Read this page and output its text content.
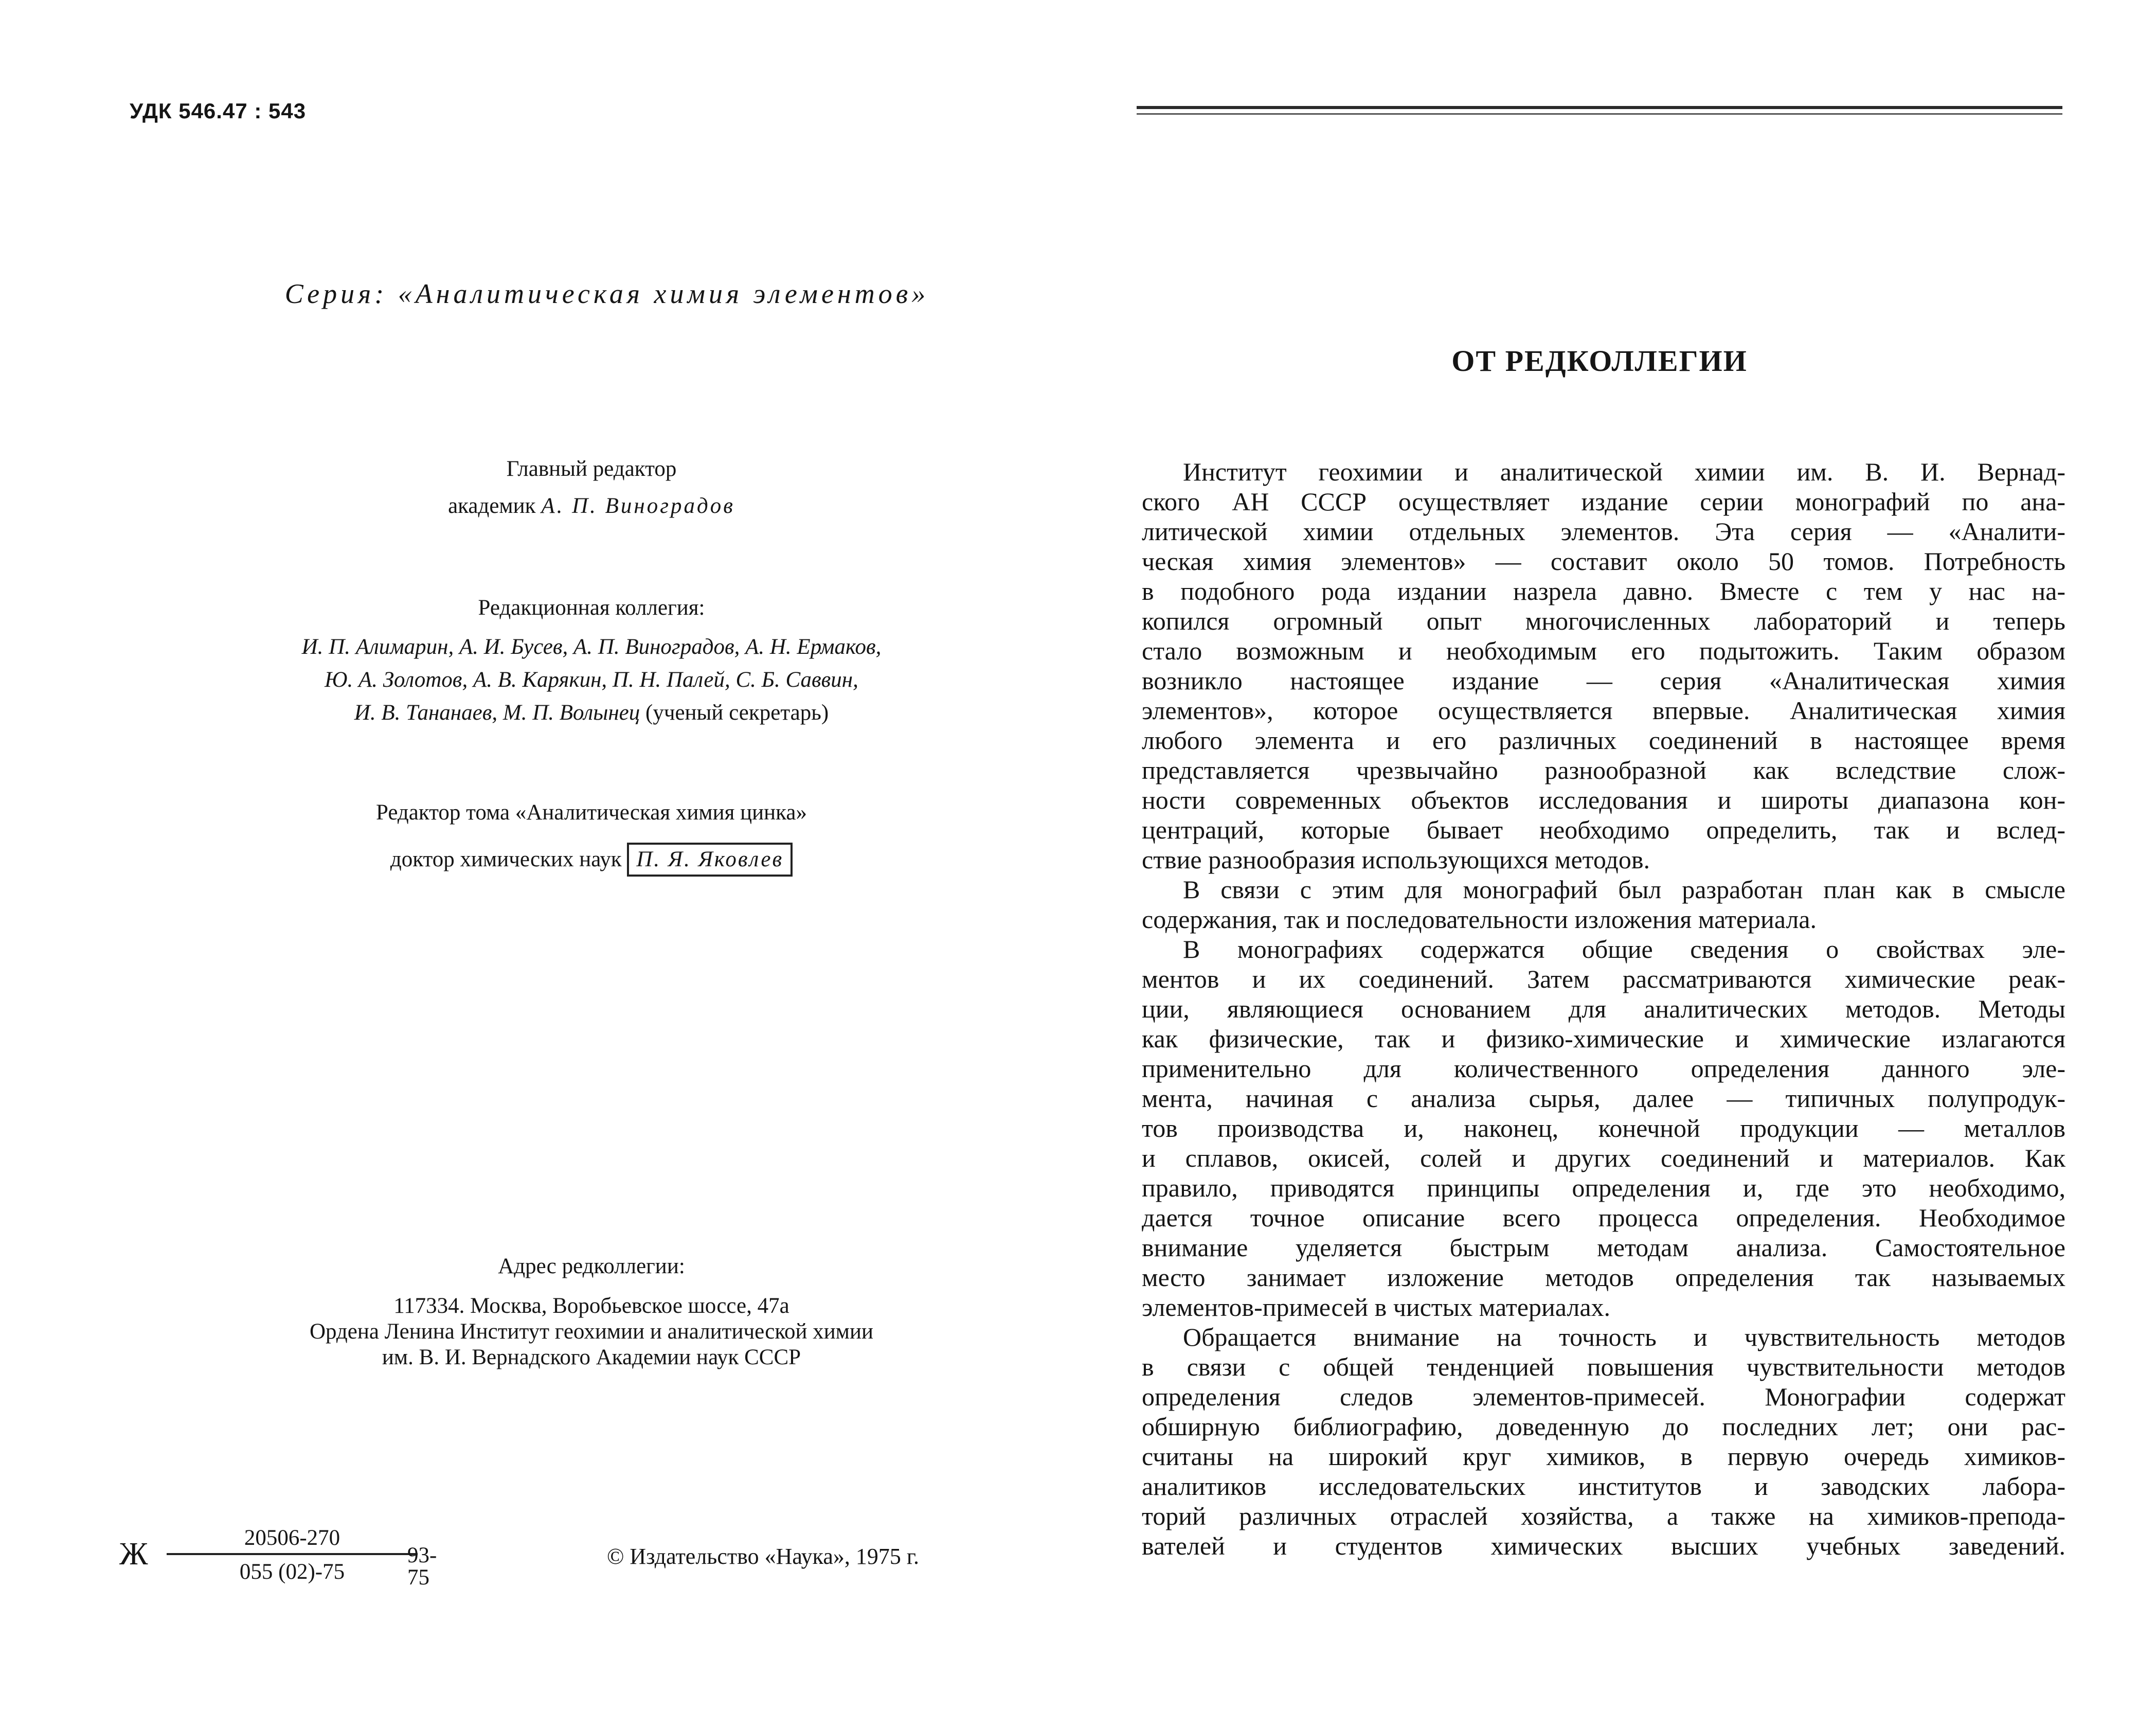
УДК 546.47 : 543
Серия: «Аналитическая химия элементов»
Главный редактор
академик А. П. Виноградов
Редакционная коллегия:
И. П. Алимарин, А. И. Бусев, А. П. Виноградов, А. Н. Ермаков,
Ю. А. Золотов, А. В. Карякин, П. Н. Палей, С. Б. Саввин,
И. В. Тананаев, М. П. Волынец (ученый секретарь)
Редактор тома «Аналитическая химия цинка»
доктор химических наук П. Я. Яковлев
Адрес редколлегии:
117334. Москва, Воробьевское шоссе, 47а
Ордена Ленина Институт геохимии и аналитической химии
им. В. И. Вернадского Академии наук СССР
Ж	20506-270
055 (02)-75
93-75
© Издательство «Наука», 1975 г.
ОТ РЕДКОЛЛЕГИИ
Институт геохимии и аналитической химии им. В. И. Вернад-
ского АН СССР осуществляет издание серии монографий по ана-
литической химии отдельных элементов. Эта серия — «Аналити-
ческая химия элементов» — составит около 50 томов. Потребность
в подобного рода издании назрела давно. Вместе с тем у нас на-
копился огромный опыт многочисленных лабораторий и теперь
стало возможным и необходимым его подытожить. Таким образом
возникло настоящее издание — серия «Аналитическая химия
элементов», которое осуществляется впервые. Аналитическая химия
любого элемента и его различных соединений в настоящее время
представляется чрезвычайно разнообразной как вследствие слож-
ности современных объектов исследования и широты диапазона кон-
центраций, которые бывает необходимо определить, так и вслед-
ствие разнообразия использующихся методов.
В связи с этим для монографий был разработан план как в смысле
содержания, так и последовательности изложения материала.
В монографиях содержатся общие сведения о свойствах эле-
ментов и их соединений. Затем рассматриваются химические реак-
ции, являющиеся основанием для аналитических методов. Методы
как физические, так и физико-химические и химические излагаются
применительно для количественного определения данного эле-
мента, начиная с анализа сырья, далее — типичных полупродук-
тов производства и, наконец, конечной продукции — металлов
и сплавов, окисей, солей и других соединений и материалов. Как
правило, приводятся принципы определения и, где это необходимо,
дается точное описание всего процесса определения. Необходимое
внимание уделяется быстрым методам анализа. Самостоятельное
место занимает изложение методов определения так называемых
элементов-примесей в чистых материалах.
Обращается внимание на точность и чувствительность методов
в связи с общей тенденцией повышения чувствительности методов
определения следов элементов-примесей. Монографии содержат
обширную библиографию, доведенную до последних лет; они рас-
считаны на широкий круг химиков, в первую очередь химиков-
аналитиков исследовательских институтов и заводских лабора-
торий различных отраслей хозяйства, а также на химиков-препода-
вателей и студентов химических высших учебных заведений.
